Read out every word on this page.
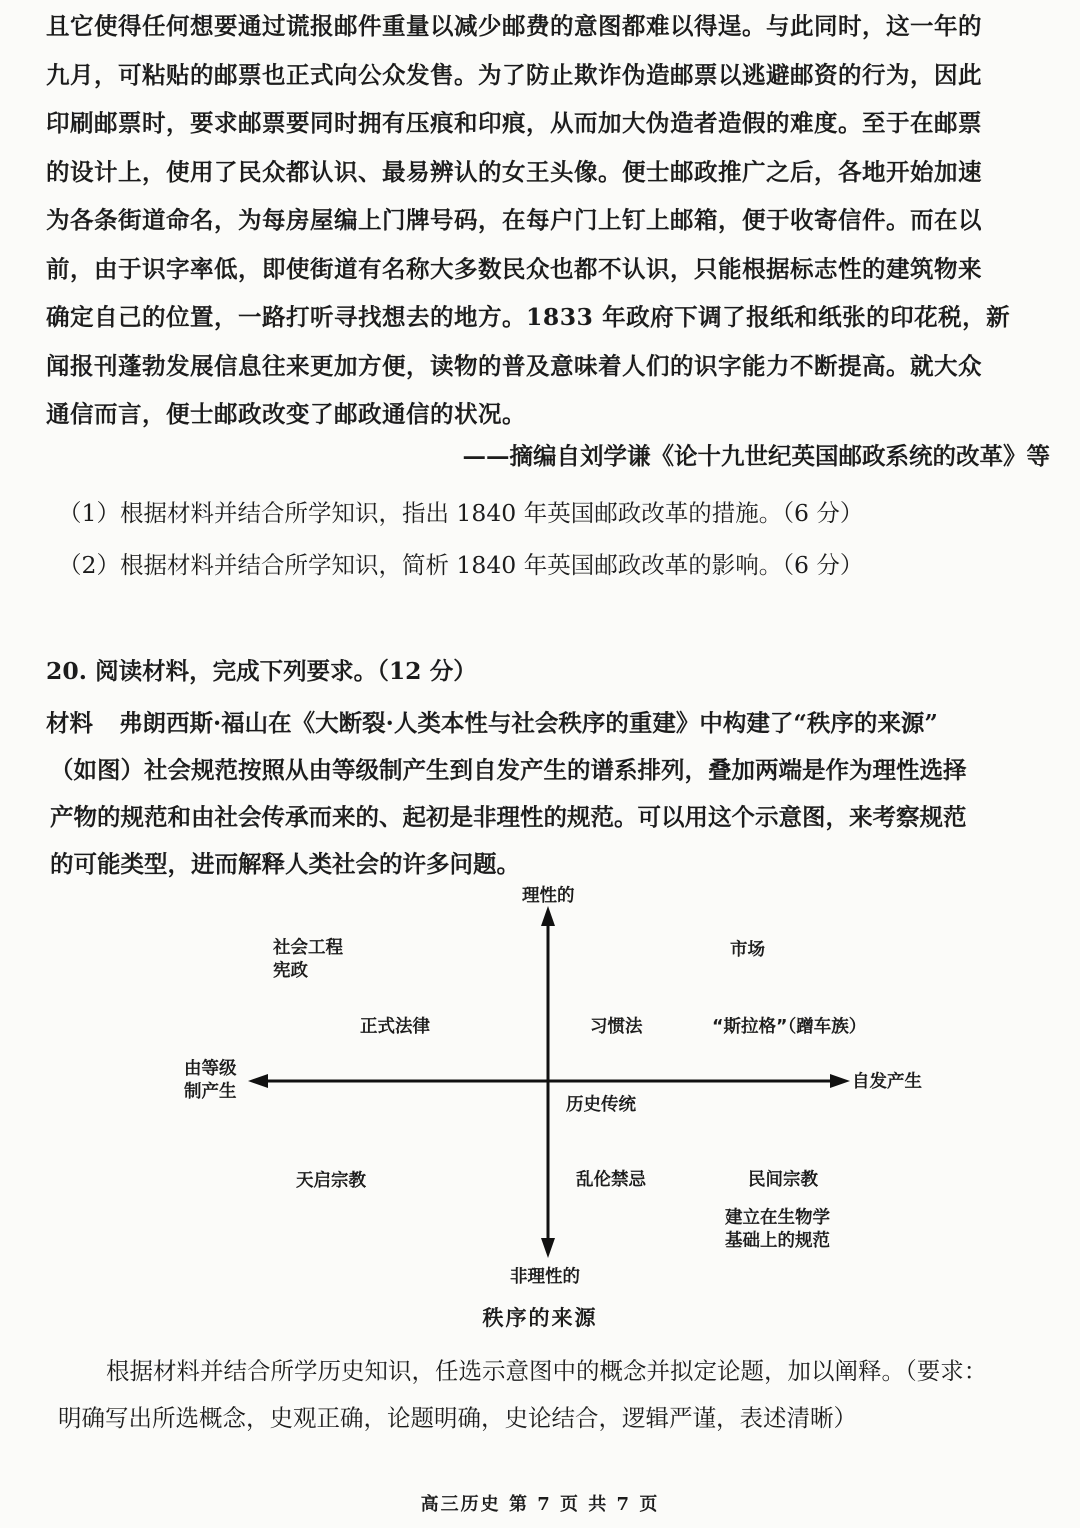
且它使得任何想要通过谎报邮件重量以减少邮费的意图都难以得逞。与此同时，这一年的
九月，可粘贴的邮票也正式向公众发售。为了防止欺诈伪造邮票以逃避邮资的行为，因此
印刷邮票时，要求邮票要同时拥有压痕和印痕，从而加大伪造者造假的难度。至于在邮票
的设计上，使用了民众都认识、最易辨认的女王头像。便士邮政推广之后，各地开始加速
为各条街道命名，为每房屋编上门牌号码，在每户门上钉上邮箱，便于收寄信件。而在以
前，由于识字率低，即使街道有名称大多数民众也都不认识，只能根据标志性的建筑物来
确定自己的位置，一路打听寻找想去的地方。1833 年政府下调了报纸和纸张的印花税，新
闻报刊蓬勃发展信息往来更加方便，读物的普及意味着人们的识字能力不断提高。就大众
通信而言，便士邮政改变了邮政通信的状况。
——摘编自刘学谦《论十九世纪英国邮政系统的改革》等
（1）根据材料并结合所学知识，指出 1840 年英国邮政改革的措施。（6 分）
（2）根据材料并结合所学知识，简析 1840 年英国邮政改革的影响。（6 分）
20. 阅读材料，完成下列要求。（12 分）
材料 弗朗西斯·福山在《大断裂·人类本性与社会秩序的重建》中构建了“秩序的来源”
（如图）社会规范按照从由等级制产生到自发产生的谱系排列，叠加两端是作为理性选择
产物的规范和由社会传承而来的、起初是非理性的规范。可以用这个示意图，来考察规范
的可能类型，进而解释人类社会的许多问题。
理性的
非理性的
由等级
制产生	自发产生
社会工程
宪政
市场
正式法律	习惯法	“斯拉格”（蹭车族）
历史传统
天启宗教	乱伦禁忌	民间宗教
建立在生物学
基础上的规范
秩序的来源
根据材料并结合所学历史知识，任选示意图中的概念并拟定论题，加以阐释。（要求：
明确写出所选概念，史观正确，论题明确，史论结合，逻辑严谨，表述清晰）
高三历史 第 7 页 共 7 页
